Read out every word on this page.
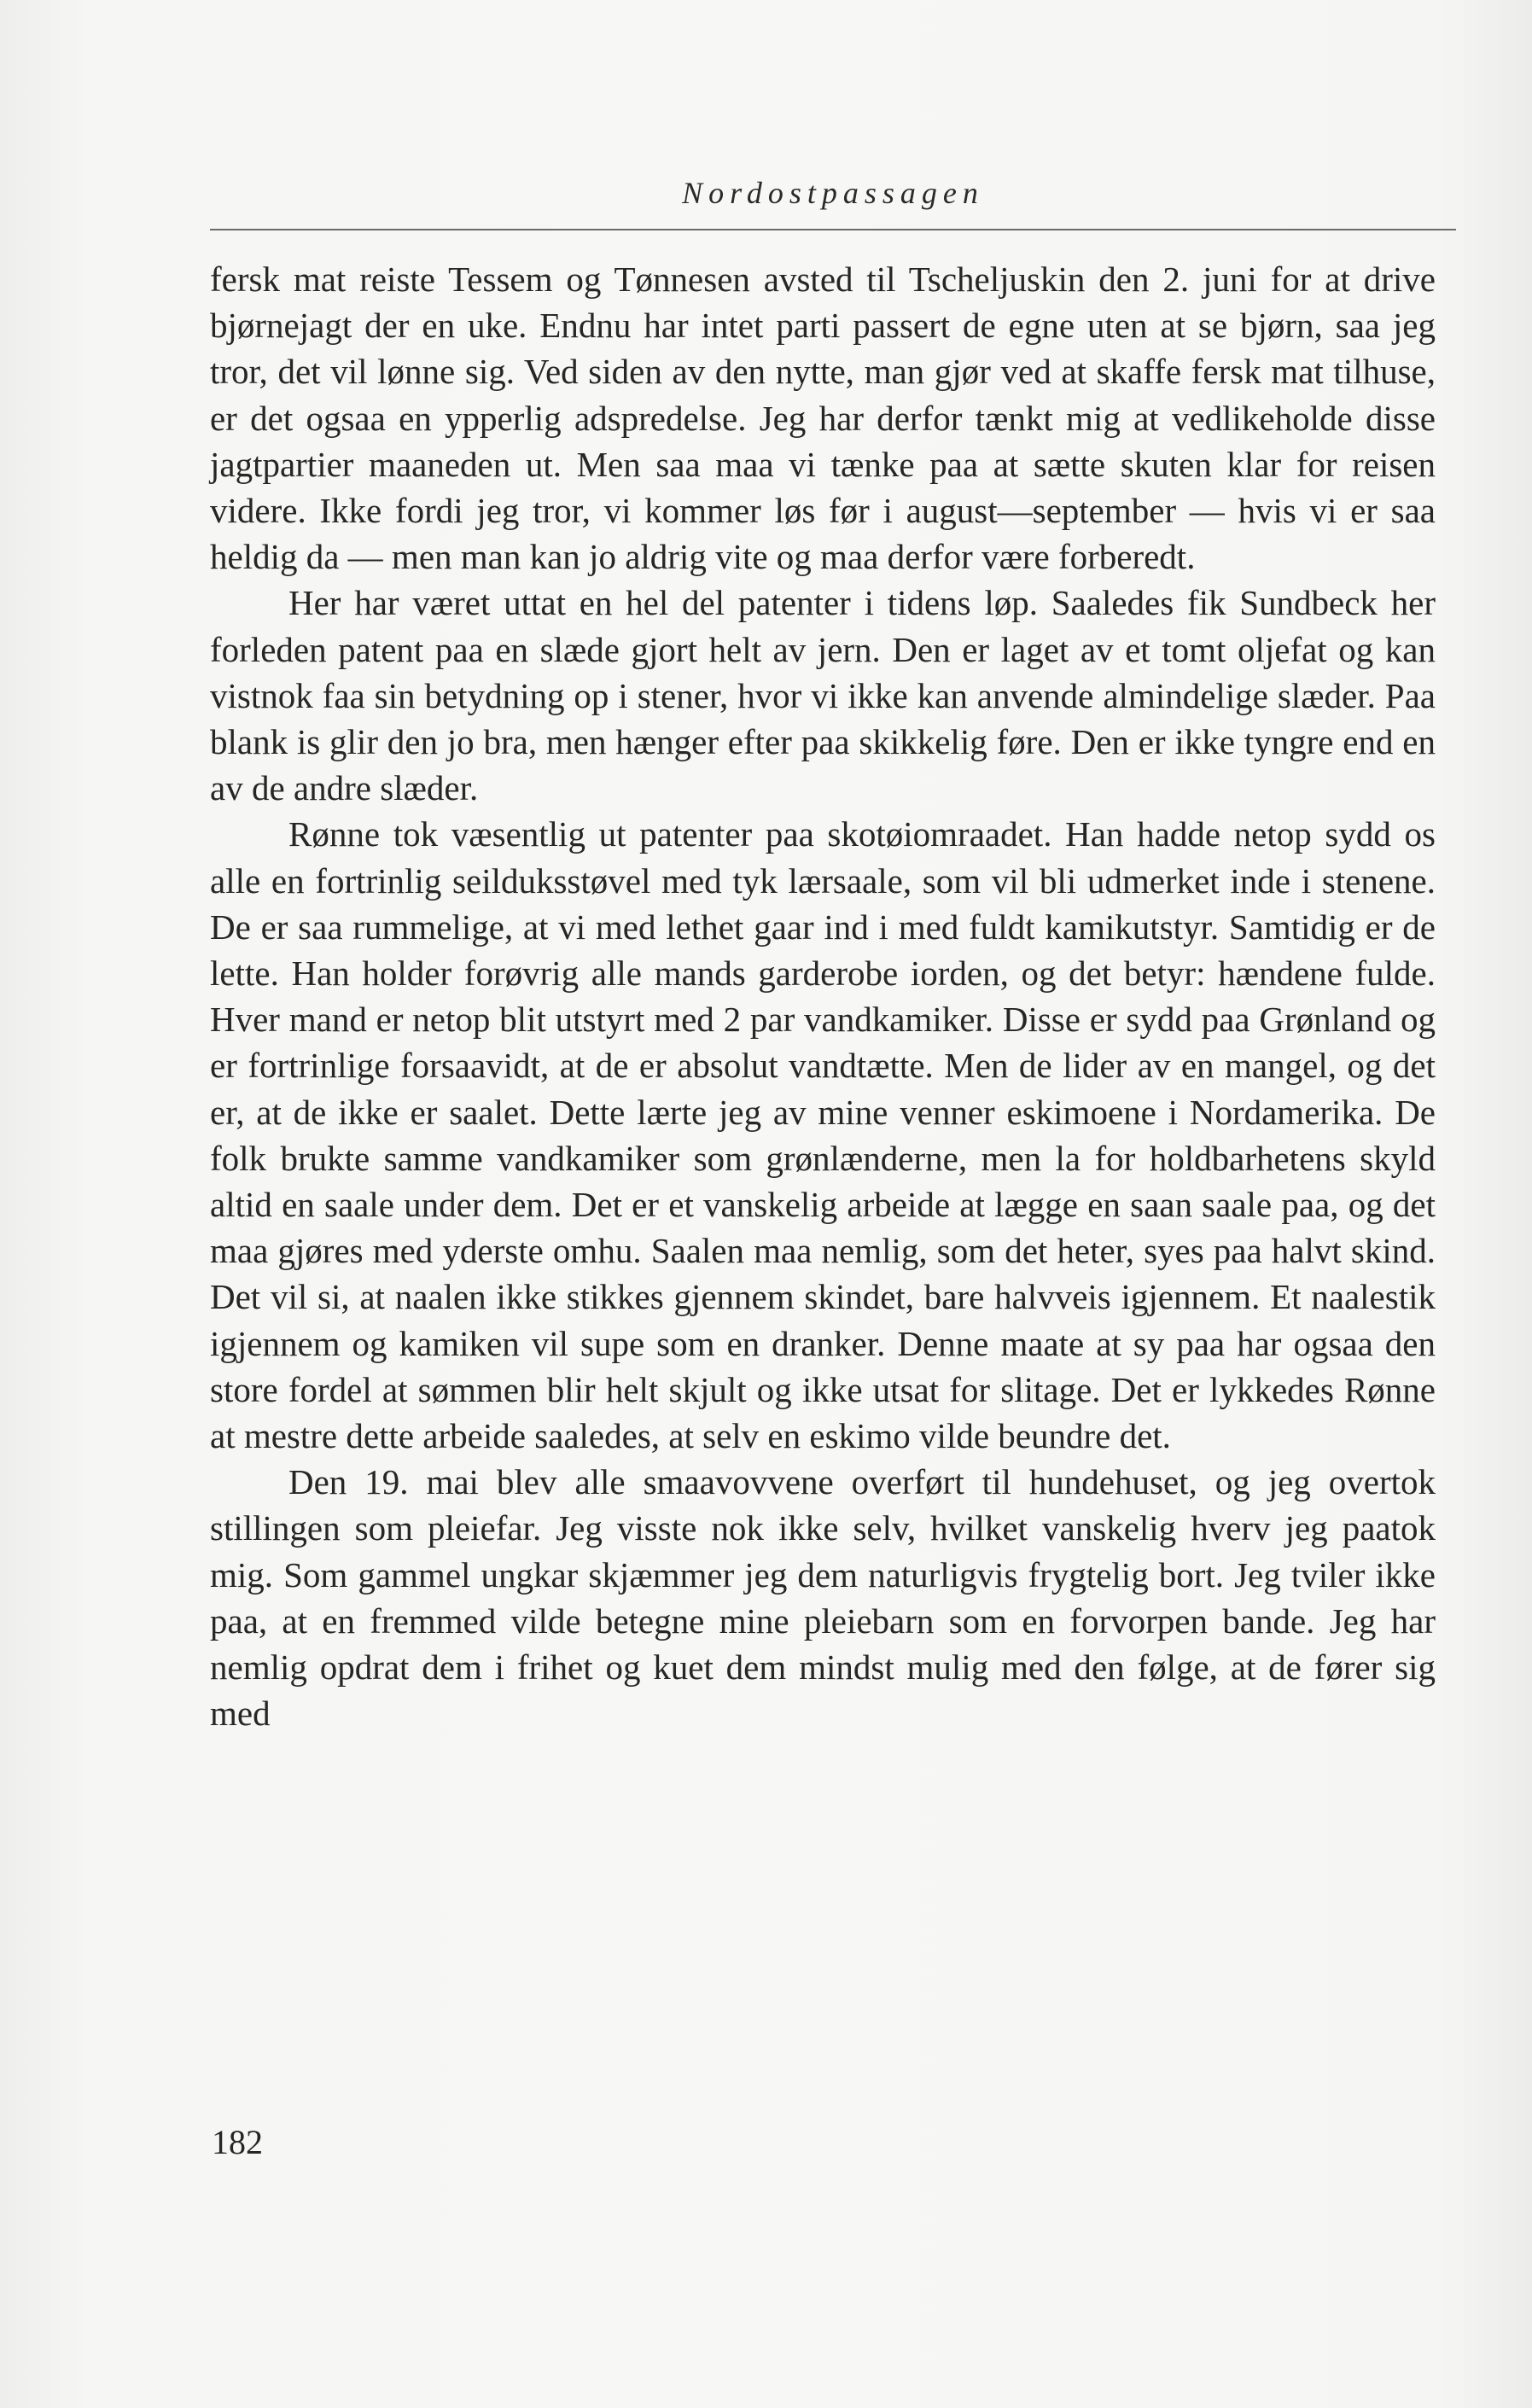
Nordostpassagen

fersk mat reiste Tessem og Tønnesen avsted til Tscheljuskin den 2. juni for at drive bjørnejagt der en uke. Endnu har intet parti passert de egne uten at se bjørn, saa jeg tror, det vil lønne sig. Ved siden av den nytte, man gjør ved at skaffe fersk mat tilhuse, er det ogsaa en ypperlig adspredelse. Jeg har derfor tænkt mig at vedlikeholde disse jagtpartier maaneden ut. Men saa maa vi tænke paa at sætte skuten klar for reisen videre. Ikke fordi jeg tror, vi kommer løs før i august—september — hvis vi er saa heldig da — men man kan jo aldrig vite og maa derfor være forberedt.

Her har været uttat en hel del patenter i tidens løp. Saaledes fik Sundbeck her forleden patent paa en slæde gjort helt av jern. Den er laget av et tomt oljefat og kan vistnok faa sin betydning op i stener, hvor vi ikke kan anvende almindelige slæder. Paa blank is glir den jo bra, men hænger efter paa skikkelig føre. Den er ikke tyngre end en av de andre slæder.

Rønne tok væsentlig ut patenter paa skotøiomraadet. Han hadde netop sydd os alle en fortrinlig seilduksstøvel med tyk lærsaale, som vil bli udmerket inde i stenene. De er saa rummelige, at vi med lethet gaar ind i med fuldt kamikutstyr. Samtidig er de lette. Han holder forøvrig alle mands garderobe iorden, og det betyr: hændene fulde. Hver mand er netop blit utstyrt med 2 par vandkamiker. Disse er sydd paa Grønland og er fortrinlige forsaavidt, at de er absolut vandtætte. Men de lider av en mangel, og det er, at de ikke er saalet. Dette lærte jeg av mine venner eskimoene i Nordamerika. De folk brukte samme vandkamiker som grønlænderne, men la for holdbarhetens skyld altid en saale under dem. Det er et vanskelig arbeide at lægge en saan saale paa, og det maa gjøres med yderste omhu. Saalen maa nemlig, som det heter, syes paa halvt skind. Det vil si, at naalen ikke stikkes gjennem skindet, bare halvveis igjennem. Et naalestik igjennem og kamiken vil supe som en dranker. Denne maate at sy paa har ogsaa den store fordel at sømmen blir helt skjult og ikke utsat for slitage. Det er lykkedes Rønne at mestre dette arbeide saaledes, at selv en eskimo vilde beundre det.

Den 19. mai blev alle smaavovvene overført til hundehuset, og jeg overtok stillingen som pleiefar. Jeg visste nok ikke selv, hvilket vanskelig hverv jeg paatok mig. Som gammel ungkar skjæmmer jeg dem naturligvis frygtelig bort. Jeg tviler ikke paa, at en fremmed vilde betegne mine pleiebarn som en forvorpen bande. Jeg har nemlig opdrat dem i frihet og kuet dem mindst mulig med den følge, at de fører sig med

182
